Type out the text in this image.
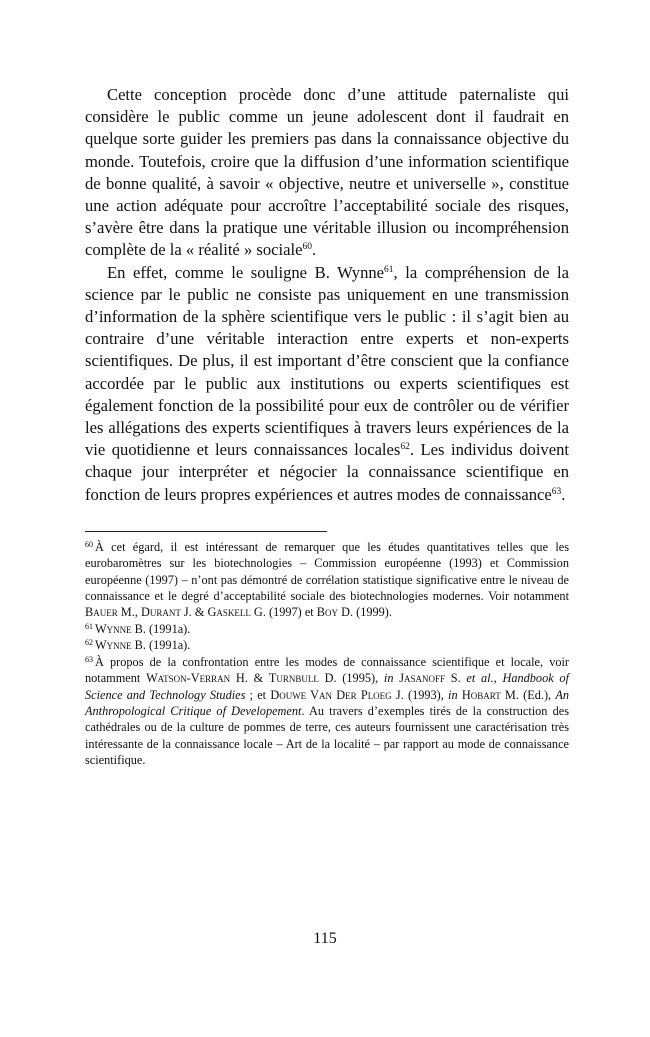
Cette conception procède donc d’une attitude paternaliste qui considère le public comme un jeune adolescent dont il faudrait en quelque sorte guider les premiers pas dans la connaissance objective du monde. Toutefois, croire que la diffusion d’une information scientifique de bonne qualité, à savoir « objective, neutre et universelle », constitue une action adéquate pour accroître l’acceptabilité sociale des risques, s’avère être dans la pratique une véritable illusion ou incompréhension complète de la « réalité » sociale$^{60}$.

En effet, comme le souligne B. Wynne$^{61}$, la compréhension de la science par le public ne consiste pas uniquement en une transmission d’information de la sphère scientifique vers le public : il s’agit bien au contraire d’une véritable interaction entre experts et non-experts scientifiques. De plus, il est important d’être conscient que la confiance accordée par le public aux institutions ou experts scientifiques est également fonction de la possibilité pour eux de contrôler ou de vérifier les allégations des experts scientifiques à travers leurs expériences de la vie quotidienne et leurs connaissances locales$^{62}$. Les individus doivent chaque jour interpréter et négocier la connaissance scientifique en fonction de leurs propres expériences et autres modes de connaissance$^{63}$.

$^{60}$ À cet égard, il est intéressant de remarquer que les études quantitatives telles que les eurobaromètres sur les biotechnologies – Commission européenne (1993) et Commission européenne (1997) – n’ont pas démontré de corrélation statistique significative entre le niveau de connaissance et le degré d’acceptabilité sociale des biotechnologies modernes. Voir notamment Bauer M., Durant J. & Gaskell G. (1997) et Boy D. (1999).

$^{61}$ Wynne B. (1991a).

$^{62}$ Wynne B. (1991a).

$^{63}$ À propos de la confrontation entre les modes de connaissance scientifique et locale, voir notamment Watson-Verran H. & Turnbull D. (1995), in Jasanoff S. et al., Handbook of Science and Technology Studies ; et Douwe Van Der Ploeg J. (1993), in Hobart M. (Ed.), An Anthropological Critique of Developement. Au travers d’exemples tirés de la construction des cathédrales ou de la culture de pommes de terre, ces auteurs fournissent une caractérisation très intéressante de la connaissance locale – Art de la localité – par rapport au mode de connaissance scientifique.

115
